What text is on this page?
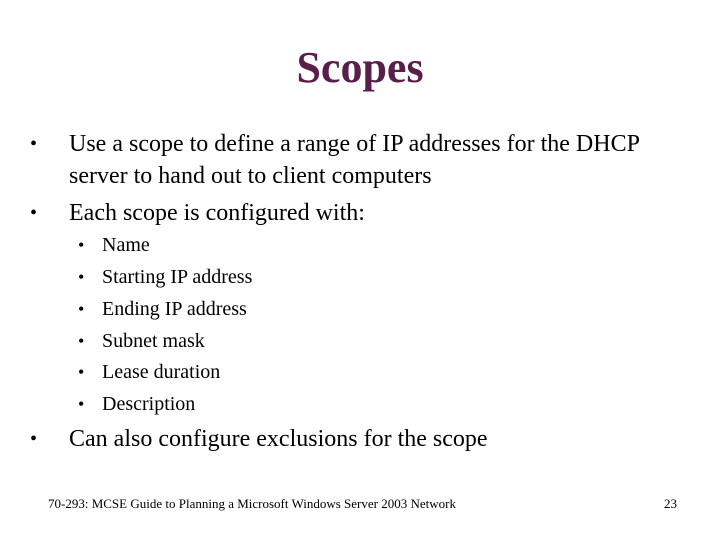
Scopes
•	Use a scope to define a range of IP addresses for the DHCP server to hand out to client computers
•	Each scope is configured with:
• Name
• Starting IP address
• Ending IP address
• Subnet mask
• Lease duration
• Description
•	Can also configure exclusions for the scope
70-293: MCSE Guide to Planning a Microsoft Windows Server 2003 Network	23
